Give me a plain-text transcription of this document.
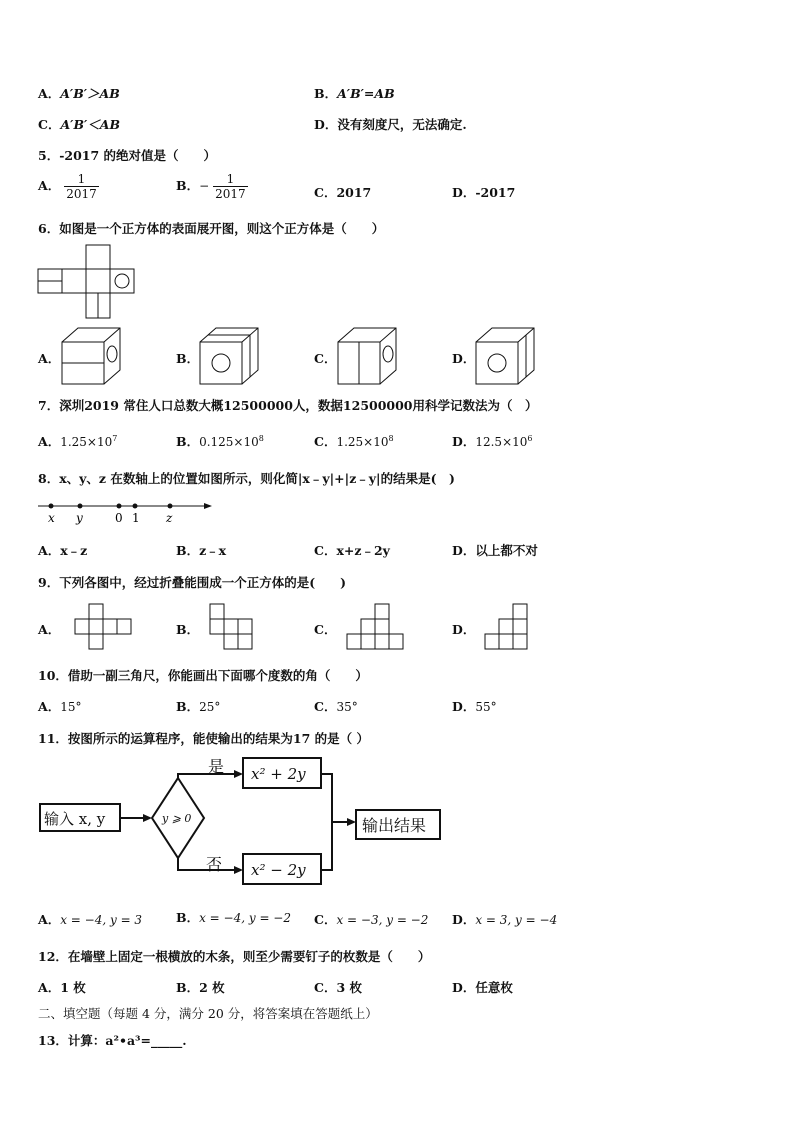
A．A′B′＞AB	B．A′B′=AB
C．A′B′＜AB	D．没有刻度尺，无法确定.
5．-2017 的绝对值是（　　）
A． $\frac{1}{2017}$	B．− $\frac{1}{2017}$	C．2017	D．-2017
6．如图是一个正方体的表面展开图，则这个正方体是（　　）
A．	B．	C．	D．
7．深圳2019 常住人口总数大概12500000人，数据12500000用科学记数法为（　）
A．$1.25\times 10^7$	B．$0.125\times 10^8$	C．$1.25\times 10^8$	D．$12.5\times 10^6$
8．x、y、z 在数轴上的位置如图所示，则化简|x﹣y|+|z﹣y|的结果是(　)
x y	0 1 z
A．x﹣z	B．z﹣x	C．x+z﹣2y	D．以上都不对
9．下列各图中，经过折叠能围成一个正方体的是(　　)
A．	B．	C．	D．
10．借助一副三角尺，你能画出下面哪个度数的角（　　）
A．15°	B．25°	C．35°	D．55°
11．按图所示的运算程序，能使输出的结果为17 的是（ ）
输入 x, y	y ⩾ 0
是
否
x² + 2y
x² − 2y
输出结果
A．x = −4, y = 3	B．x = −4, y = −2 C．x = −3, y = −2 D．x = 3, y = −4
12．在墙壁上固定一根横放的木条，则至少需要钉子的枚数是（　　）
A．1 枚	B．2 枚	C．3 枚	D．任意枚
二、填空题（每题 4 分，满分 20 分，将答案填在答题纸上）
13．计算：a²•a³=_____.
